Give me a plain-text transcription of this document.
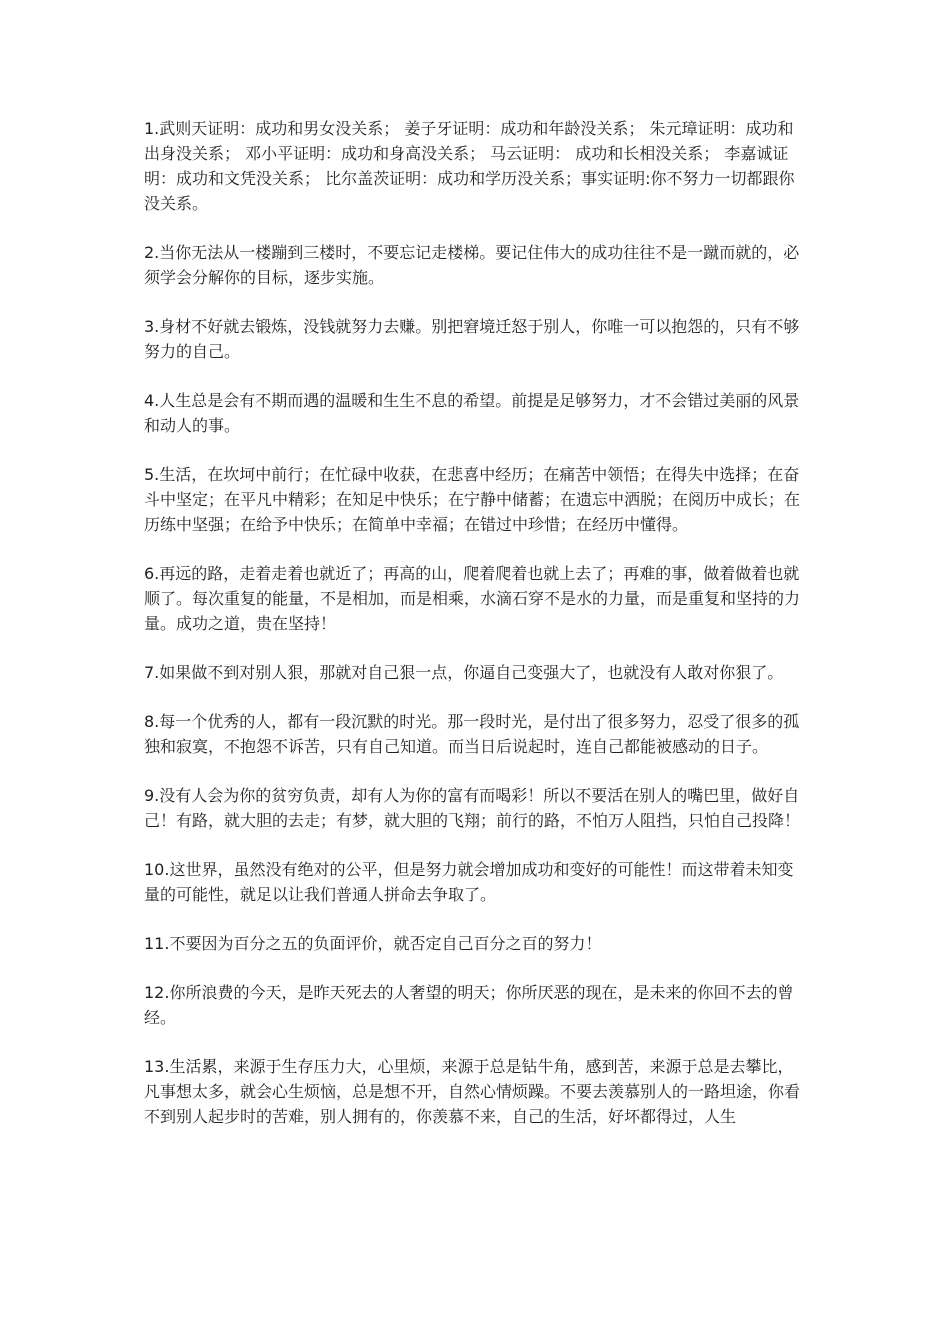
1.武则天证明：成功和男女没关系； 姜子牙证明：成功和年龄没关系； 朱元璋证明：成功和出身没关系； 邓小平证明：成功和身高没关系； 马云证明： 成功和长相没关系； 李嘉诚证明：成功和文凭没关系； 比尔盖茨证明：成功和学历没关系；事实证明:你不努力一切都跟你没关系。

2.当你无法从一楼蹦到三楼时，不要忘记走楼梯。要记住伟大的成功往往不是一蹴而就的，必须学会分解你的目标，逐步实施。

3.身材不好就去锻炼，没钱就努力去赚。别把窘境迁怒于别人，你唯一可以抱怨的，只有不够努力的自己。

4.人生总是会有不期而遇的温暖和生生不息的希望。前提是足够努力，才不会错过美丽的风景和动人的事。

5.生活，在坎坷中前行；在忙碌中收获，在悲喜中经历；在痛苦中领悟；在得失中选择；在奋斗中坚定；在平凡中精彩；在知足中快乐；在宁静中储蓄；在遗忘中洒脱；在阅历中成长；在历练中坚强；在给予中快乐；在简单中幸福；在错过中珍惜；在经历中懂得。

6.再远的路，走着走着也就近了；再高的山，爬着爬着也就上去了；再难的事，做着做着也就顺了。每次重复的能量，不是相加，而是相乘，水滴石穿不是水的力量，而是重复和坚持的力量。成功之道，贵在坚持！

7.如果做不到对别人狠，那就对自己狠一点，你逼自己变强大了，也就没有人敢对你狠了。

8.每一个优秀的人，都有一段沉默的时光。那一段时光，是付出了很多努力，忍受了很多的孤独和寂寞，不抱怨不诉苦，只有自己知道。而当日后说起时，连自己都能被感动的日子。

9.没有人会为你的贫穷负责，却有人为你的富有而喝彩！所以不要活在别人的嘴巴里，做好自己！有路，就大胆的去走；有梦，就大胆的飞翔；前行的路，不怕万人阻挡，只怕自己投降！

10.这世界，虽然没有绝对的公平，但是努力就会增加成功和变好的可能性！而这带着未知变量的可能性，就足以让我们普通人拼命去争取了。

11.不要因为百分之五的负面评价，就否定自己百分之百的努力！

12.你所浪费的今天，是昨天死去的人奢望的明天；你所厌恶的现在，是未来的你回不去的曾经。

13.生活累，来源于生存压力大，心里烦，来源于总是钻牛角，感到苦，来源于总是去攀比，凡事想太多，就会心生烦恼，总是想不开，自然心情烦躁。不要去羡慕别人的一路坦途，你看不到别人起步时的苦难，别人拥有的，你羡慕不来，自己的生活，好坏都得过，人生
